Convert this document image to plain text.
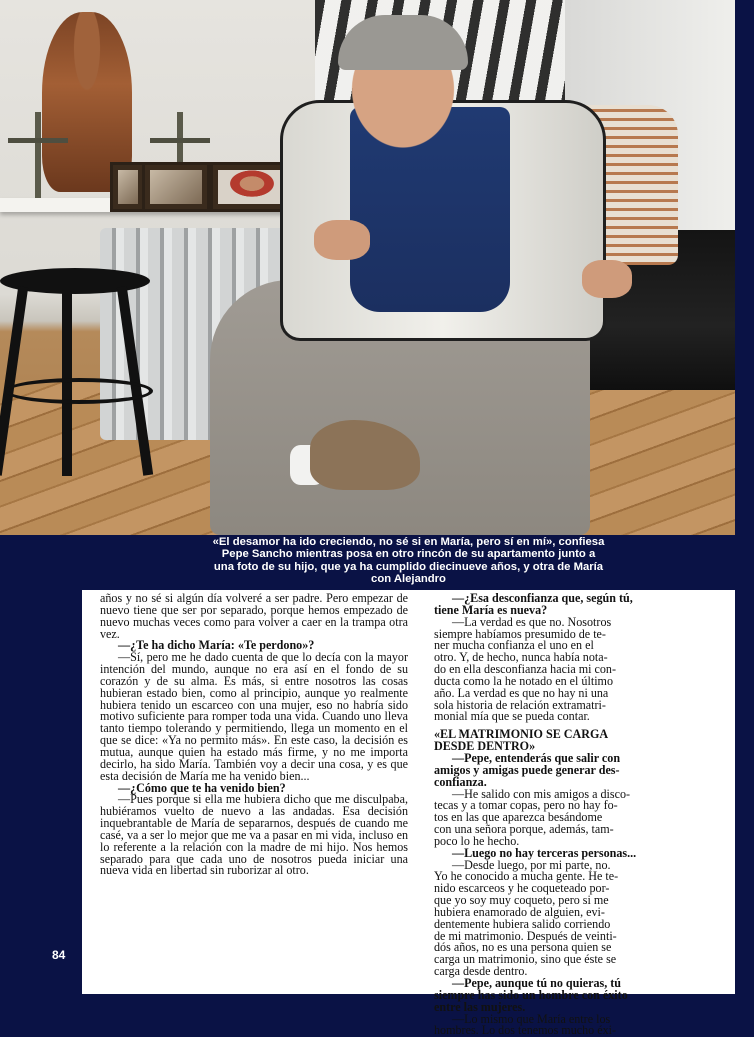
«El desamor ha ido creciendo, no sé si en María, pero sí en mí», confiesa
Pepe Sancho mientras posa en otro rincón de su apartamento junto a
una foto de su hijo, que ya ha cumplido diecinueve años, y otra de María
con Alejandro

años y no sé si algún día volveré a ser padre. Pero empezar de nuevo tiene que ser por separado, porque hemos empezado de nuevo muchas veces como para volver a caer en la trampa otra vez.

—¿Te ha dicho María: «Te perdono»?

—Sí, pero me he dado cuenta de que lo decía con la mayor intención del mundo, aunque no era así en el fondo de su corazón y de su alma. Es más, si entre nosotros las cosas hubieran estado bien, como al principio, aunque yo realmente hubiera tenido un escarceo con una mujer, eso no habría sido motivo suficiente para romper toda una vida. Cuando uno lleva tanto tiempo tolerando y permitiendo, llega un momento en el que se dice: «Ya no permito más». En este caso, la decisión es mutua, aunque quien ha estado más firme, y no me importa decirlo, ha sido María. También voy a decir una cosa, y es que esta decisión de María me ha venido bien...

—¿Cómo que te ha venido bien?

—Pues porque si ella me hubiera dicho que me disculpaba, hubiéramos vuelto de nuevo a las andadas. Esa decisión inquebrantable de María de separarnos, después de cuando me casé, va a ser lo mejor que me va a pasar en mi vida, incluso en lo referente a la relación con la madre de mi hijo. Nos hemos separado para que cada uno de nosotros pueda iniciar una nueva vida en libertad sin ruborizar al otro.

—¿Esa desconfianza que, según tú,

tiene María es nueva?

—La verdad es que no. Nosotros

siempre habíamos presumido de te-

ner mucha confianza el uno en el

otro. Y, de hecho, nunca había nota-

do en ella desconfianza hacia mi con-

ducta como la he notado en el último

año. La verdad es que no hay ni una

sola historia de relación extramatri-

monial mía que se pueda contar.

«EL MATRIMONIO SE CARGA

DESDE DENTRO»

—Pepe, entenderás que salir con

amigos y amigas puede generar des-

confianza.

—He salido con mis amigos a disco-

tecas y a tomar copas, pero no hay fo-

tos en las que aparezca besándome

con una señora porque, además, tam-

poco lo he hecho.

—Luego no hay terceras personas...

—Desde luego, por mi parte, no.

Yo he conocido a mucha gente. He te-

nido escarceos y he coqueteado por-

que yo soy muy coqueto, pero si me

hubiera enamorado de alguien, evi-

dentemente hubiera salido corriendo

de mi matrimonio. Después de veinti-

dós años, no es una persona quien se

carga un matrimonio, sino que éste se

carga desde dentro.

—Pepe, aunque tú no quieras, tú

siempre has sido un hombre con éxito

entre las mujeres.

—Lo mismo que María entre los

hombres. Lo dos tenemos mucho éxi-

84
